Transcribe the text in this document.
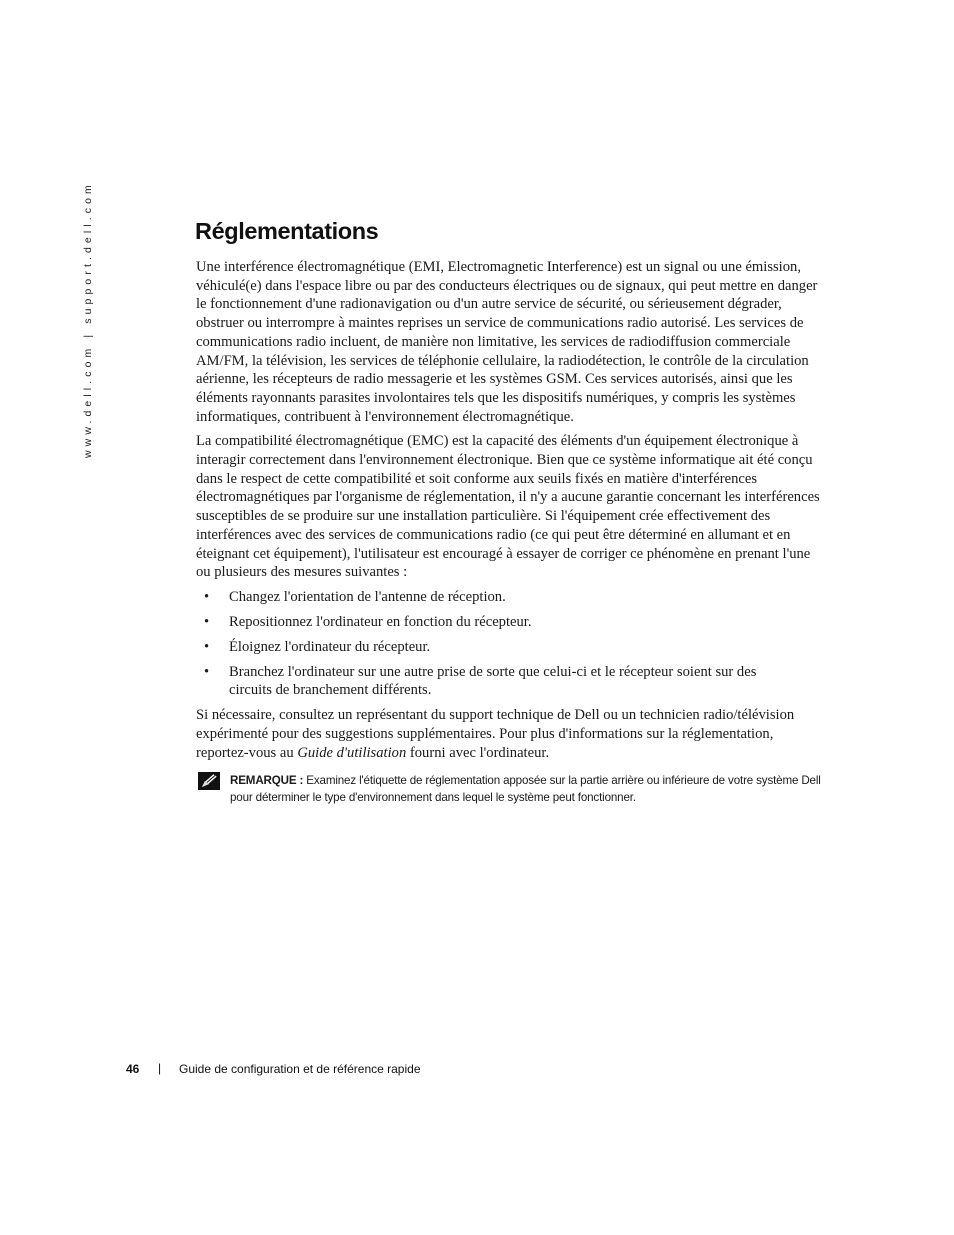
www.dell.com | support.dell.com	Réglementations

Une interférence électromagnétique (EMI, Electromagnetic Interference) est un signal ou une émission, véhiculé(e) dans l'espace libre ou par des conducteurs électriques ou de signaux, qui peut mettre en danger le fonctionnement d'une radionavigation ou d'un autre service de sécurité, ou sérieusement dégrader, obstruer ou interrompre à maintes reprises un service de communications radio autorisé. Les services de communications radio incluent, de manière non limitative, les services de radiodiffusion commerciale AM/FM, la télévision, les services de téléphonie cellulaire, la radiodétection, le contrôle de la circulation aérienne, les récepteurs de radio messagerie et les systèmes GSM. Ces services autorisés, ainsi que les éléments rayonnants parasites involontaires tels que les dispositifs numériques, y compris les systèmes informatiques, contribuent à l'environnement électromagnétique.

La compatibilité électromagnétique (EMC) est la capacité des éléments d'un équipement électronique à interagir correctement dans l'environnement électronique. Bien que ce système informatique ait été conçu dans le respect de cette compatibilité et soit conforme aux seuils fixés en matière d'interférences électromagnétiques par l'organisme de réglementation, il n'y a aucune garantie concernant les interférences susceptibles de se produire sur une installation particulière. Si l'équipement crée effectivement des interférences avec des services de communications radio (ce qui peut être déterminé en allumant et en éteignant cet équipement), l'utilisateur est encouragé à essayer de corriger ce phénomène en prenant l'une ou plusieurs des mesures suivantes :

• Changez l'orientation de l'antenne de réception.
• Repositionnez l'ordinateur en fonction du récepteur.
• Éloignez l'ordinateur du récepteur.
• Branchez l'ordinateur sur une autre prise de sorte que celui-ci et le récepteur soient sur des circuits de branchement différents.

Si nécessaire, consultez un représentant du support technique de Dell ou un technicien radio/télévision expérimenté pour des suggestions supplémentaires. Pour plus d'informations sur la réglementation, reportez-vous au Guide d'utilisation fourni avec l'ordinateur.

REMARQUE : Examinez l'étiquette de réglementation apposée sur la partie arrière ou inférieure de votre système Dell pour déterminer le type d'environnement dans lequel le système peut fonctionner.
46 | Guide de configuration et de référence rapide
